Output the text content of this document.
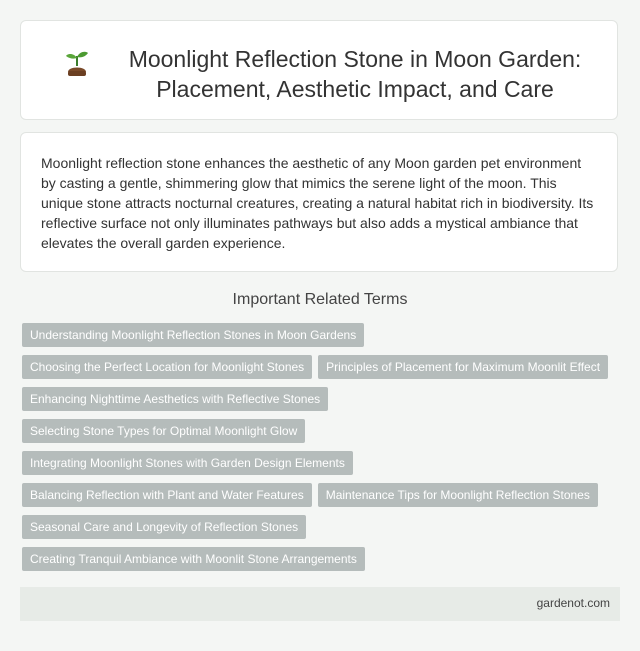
Moonlight Reflection Stone in Moon Garden: Placement, Aesthetic Impact, and Care

Moonlight reflection stone enhances the aesthetic of any Moon garden pet environment by casting a gentle, shimmering glow that mimics the serene light of the moon. This unique stone attracts nocturnal creatures, creating a natural habitat rich in biodiversity. Its reflective surface not only illuminates pathways but also adds a mystical ambiance that elevates the overall garden experience.

Important Related Terms
Understanding Moonlight Reflection Stones in Moon Gardens
Choosing the Perfect Location for Moonlight Stones	Principles of Placement for Maximum Moonlit Effect
Enhancing Nighttime Aesthetics with Reflective Stones
Selecting Stone Types for Optimal Moonlight Glow
Integrating Moonlight Stones with Garden Design Elements
Balancing Reflection with Plant and Water Features	Maintenance Tips for Moonlight Reflection Stones
Seasonal Care and Longevity of Reflection Stones
Creating Tranquil Ambiance with Moonlit Stone Arrangements
gardenot.com
